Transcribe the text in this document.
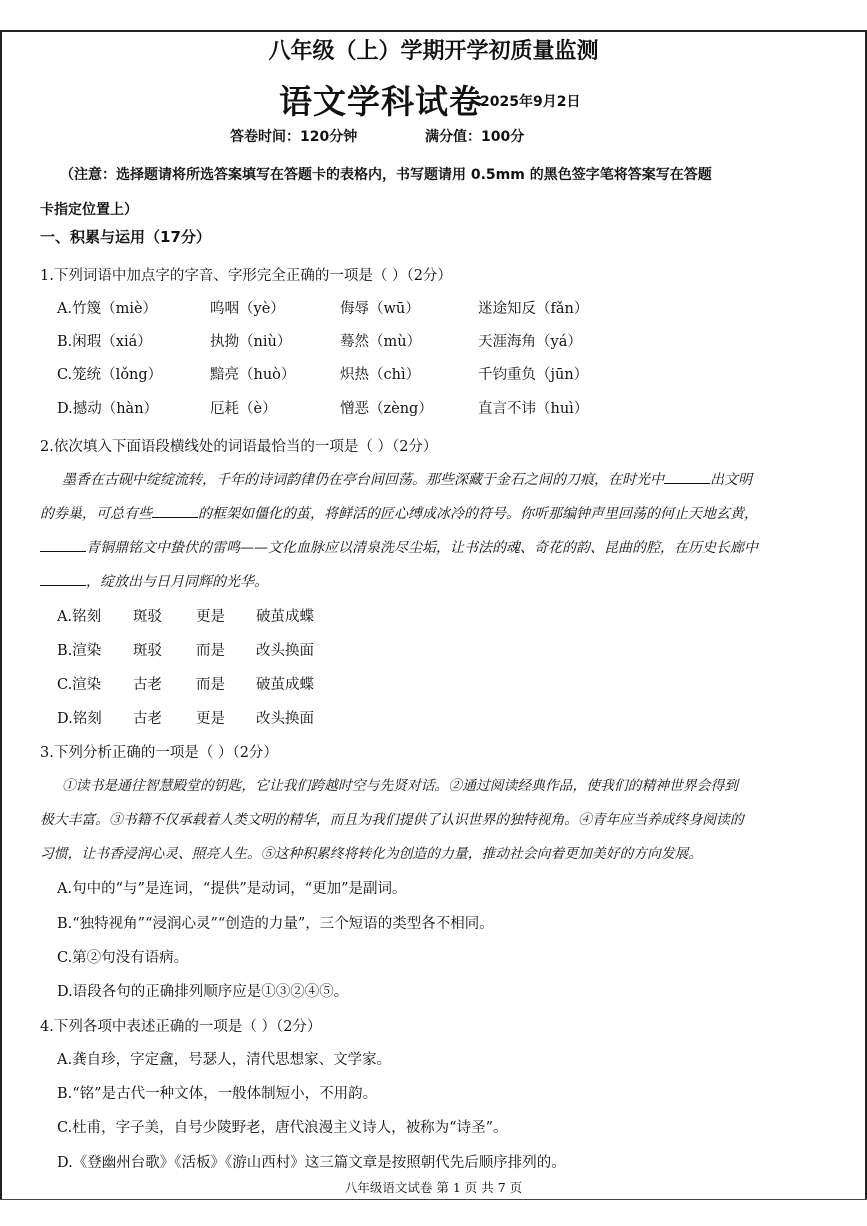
八年级（上）学期开学初质量监测
语文学科试卷
2025年9月2日
答卷时间：120分钟	满分值：100分
（注意：选择题请将所选答案填写在答题卡的表格内，书写题请用 0.5mm 的黑色签字笔将答案写在答题
卡指定位置上）
一、积累与运用（17分）
1.下列词语中加点字的字音、字形完全正确的一项是（ ）（2分）
A.竹篾（miè）	呜咽（yè）	侮辱（wū）	迷途知反（fǎn）
B.闲瑕（xiá）	执拗（niù）	蓦然（mù）	天涯海角（yá）
C.笼统（lǒng）	黯亮（huò）	炽热（chì）	千钧重负（jūn）
D.撼动（hàn）	厄耗（è）	憎恶（zèng）	直言不讳（huì）
2.依次填入下面语段横线处的词语最恰当的一项是（ ）（2分）
墨香在古砚中绽绽流转，千年的诗词韵律仍在亭台间回荡。那些深藏于金石之间的刀痕，在时光中	出文明
的券巢，可总有些	的框架如僵化的茧，将鲜活的匠心缚成冰冷的符号。你听那编钟声里回荡的何止天地玄黄，
青铜鼎铭文中蛰伏的雷鸣——文化血脉应以清泉洗尽尘垢，让书法的魂、奇花的韵、昆曲的腔，在历史长廊中
，绽放出与日月同辉的光华。
A.铭刻 斑驳 更是 破茧成蝶
B.渲染 斑驳 而是 改头换面
C.渲染 古老 而是 破茧成蝶
D.铭刻 古老 更是 改头换面
3.下列分析正确的一项是（ ）（2分）
①读书是通往智慧殿堂的钥匙，它让我们跨越时空与先贤对话。②通过阅读经典作品，使我们的精神世界会得到
极大丰富。③书籍不仅承载着人类文明的精华，而且为我们提供了认识世界的独特视角。④青年应当养成终身阅读的
习惯，让书香浸润心灵、照亮人生。⑤这种积累终将转化为创造的力量，推动社会向着更加美好的方向发展。
A.句中的“与”是连词，“提供”是动词，“更加”是副词。
B.“独特视角”“浸润心灵”“创造的力量”，三个短语的类型各不相同。
C.第②句没有语病。
D.语段各句的正确排列顺序应是①③②④⑤。
4.下列各项中表述正确的一项是（ ）（2分）
A.龚自珍，字定盦，号瑟人，清代思想家、文学家。
B.“铭”是古代一种文体，一般体制短小，不用韵。
C.杜甫，字子美，自号少陵野老，唐代浪漫主义诗人，被称为“诗圣”。
D.《登幽州台歌》《活板》《游山西村》这三篇文章是按照朝代先后顺序排列的。
八年级语文试卷 第 1 页 共 7 页
